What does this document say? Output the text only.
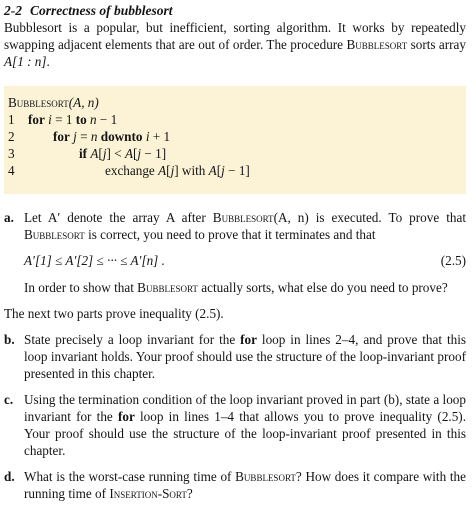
2-2 Correctness of bubblesort

Bubblesort is a popular, but inefficient, sorting algorithm. It works by repeatedly swapping adjacent elements that are out of order. The procedure Bubblesort sorts array A[1 : n].

Bubblesort(A, n)
1	for i = 1 to n − 1
2	for j = n downto i + 1
3	if A[j] < A[j − 1]
4	exchange A[j] with A[j − 1]
a. Let A′ denote the array A after Bubblesort(A, n) is executed. To prove that Bubblesort is correct, you need to prove that it terminates and that

A′[1] ≤ A′[2] ≤ ··· ≤ A′[n] .	(2.5)

In order to show that Bubblesort actually sorts, what else do you need to prove?

The next two parts prove inequality (2.5).

b. State precisely a loop invariant for the for loop in lines 2–4, and prove that this loop invariant holds. Your proof should use the structure of the loop-invariant proof presented in this chapter.

c. Using the termination condition of the loop invariant proved in part (b), state a loop invariant for the for loop in lines 1–4 that allows you to prove inequality (2.5). Your proof should use the structure of the loop-invariant proof presented in this chapter.

d. What is the worst-case running time of Bubblesort? How does it compare with the running time of Insertion-Sort?
